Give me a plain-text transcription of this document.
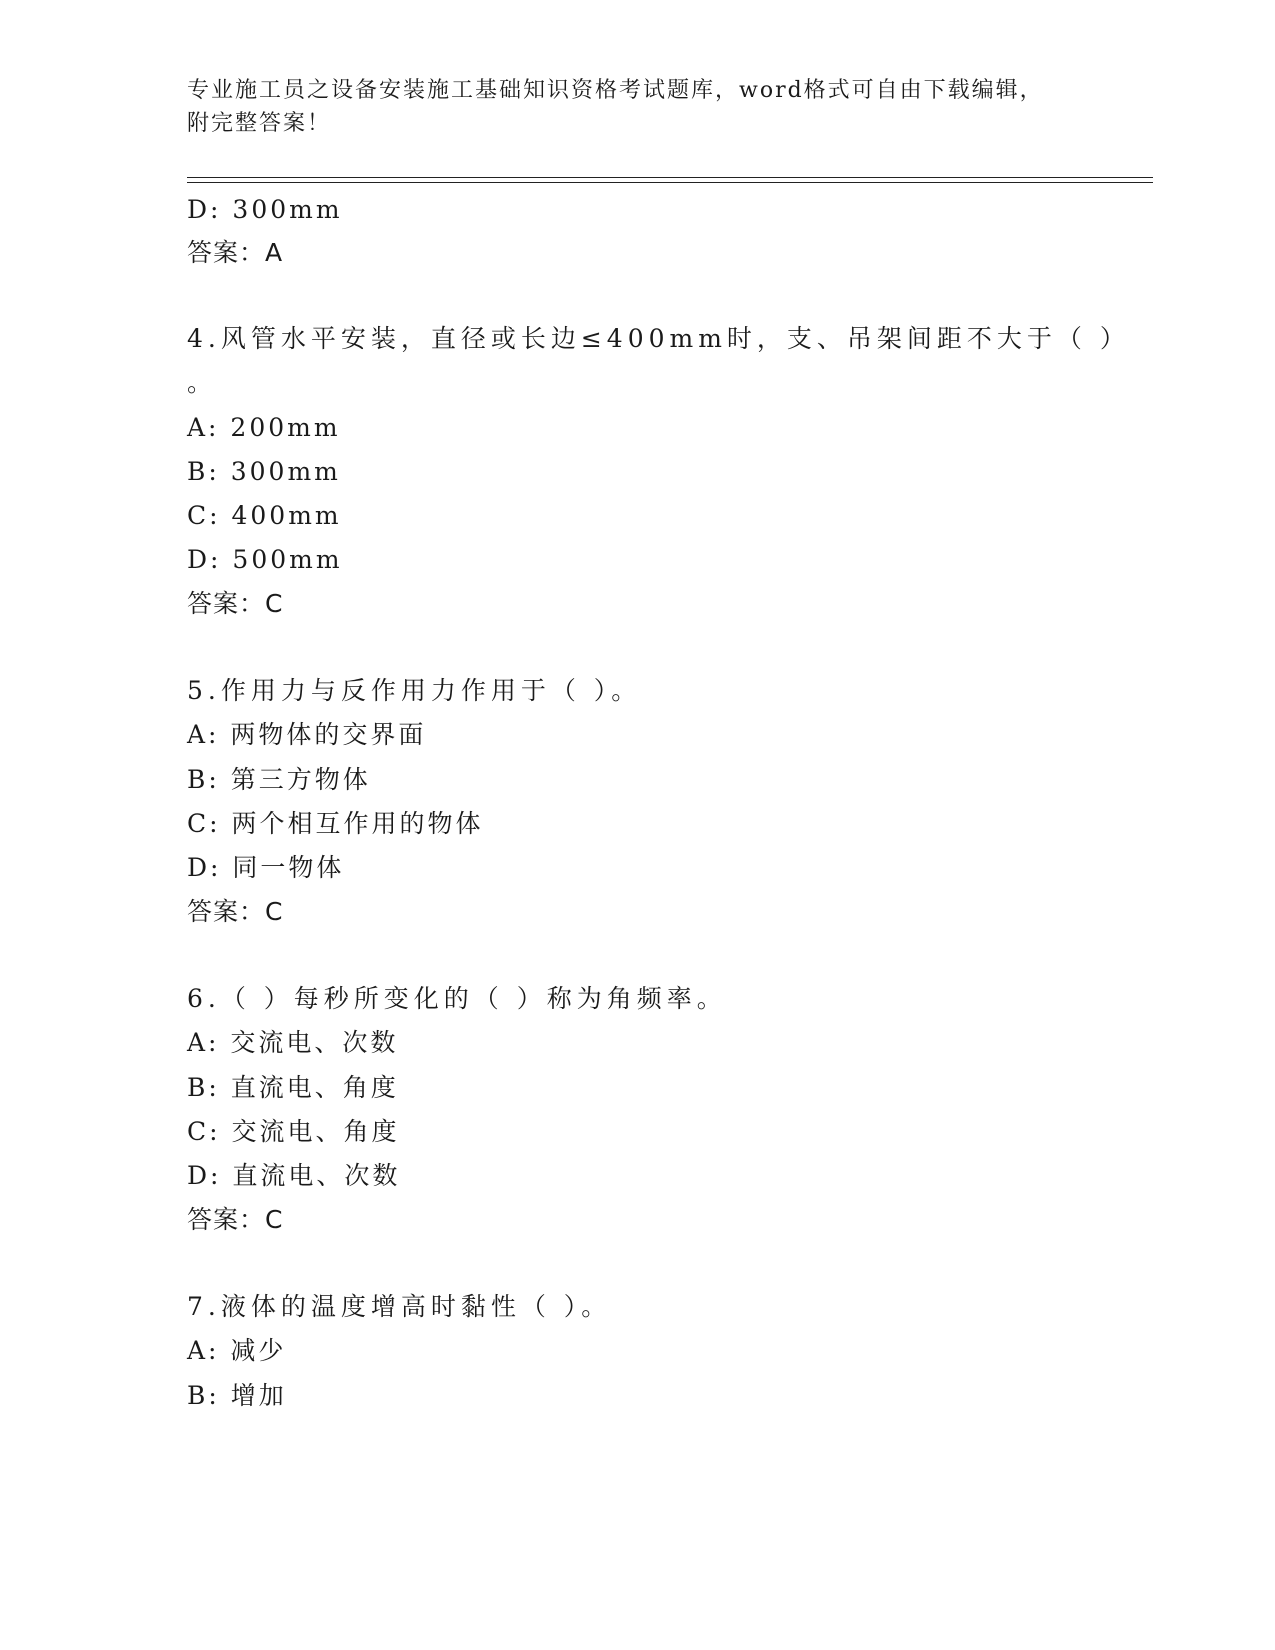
专业施工员之设备安装施工基础知识资格考试题库，word格式可自由下载编辑，
附完整答案！
D: 300mm
答案：A
4.风管水平安装，直径或长边≤400mm时，支、吊架间距不大于（ ）
。
A: 200mm
B: 300mm
C: 400mm
D: 500mm
答案：C
5.作用力与反作用力作用于（ ）。
A: 两物体的交界面
B: 第三方物体
C: 两个相互作用的物体
D: 同一物体
答案：C
6.（ ）每秒所变化的（ ）称为角频率。
A: 交流电、次数
B: 直流电、角度
C: 交流电、角度
D: 直流电、次数
答案：C
7.液体的温度增高时黏性（ ）。
A: 减少
B: 增加
